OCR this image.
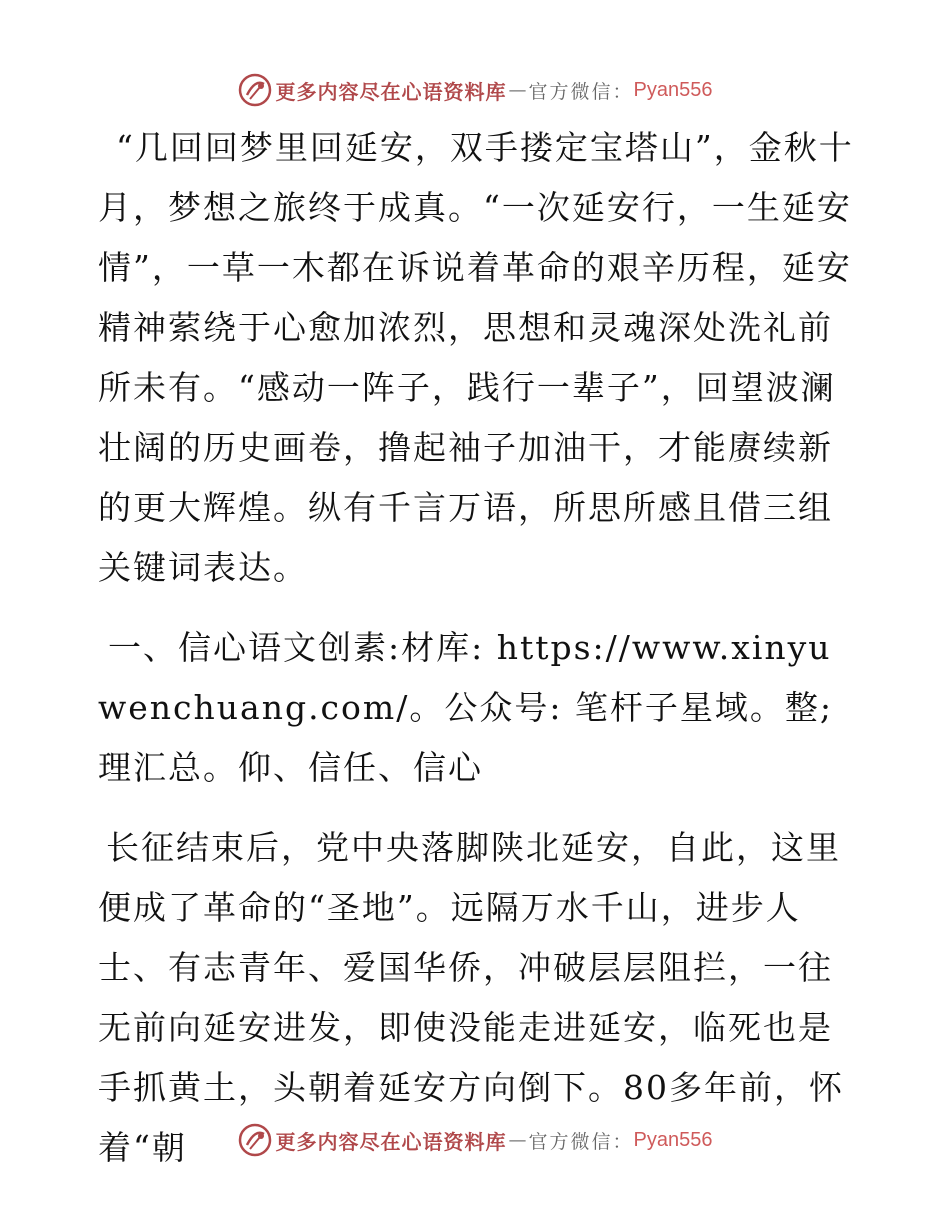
更多内容尽在心语资料库 — 官方微信： Pyan556

“几回回梦里回延安，双手搂定宝塔山”，金秋十月，梦想之旅终于成真。“一次延安行，一生延安情”，一草一木都在诉说着革命的艰辛历程，延安精神萦绕于心愈加浓烈，思想和灵魂深处洗礼前所未有。“感动一阵子，践行一辈子”，回望波澜壮阔的历史画卷，撸起袖子加油干，才能赓续新的更大辉煌。纵有千言万语，所思所感且借三组关键词表达。

一、信心语文创素:材库: https://www.xinyuwenchuang.com/。公众号: 笔杆子星域。整;理汇总。仰、信任、信心

长征结束后，党中央落脚陕北延安，自此，这里便成了革命的“圣地”。远隔万水千山，进步人士、有志青年、爱国华侨，冲破层层阻拦，一往无前向延安进发，即使没能走进延安，临死也是手抓黄土，头朝着延安方向倒下。80多年前，怀着“朝	更多内容尽在心语资料库 — 官方微信： Pyan556
